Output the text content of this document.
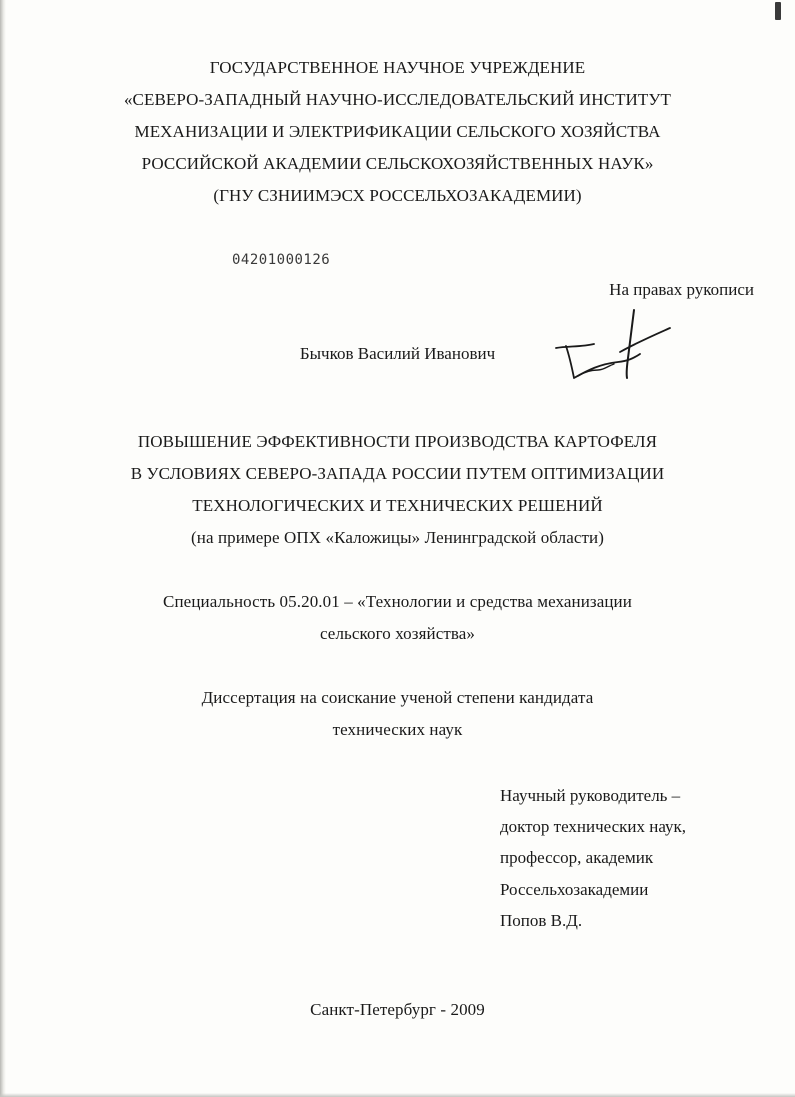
ГОСУДАРСТВЕННОЕ НАУЧНОЕ УЧРЕЖДЕНИЕ
«СЕВЕРО-ЗАПАДНЫЙ НАУЧНО-ИССЛЕДОВАТЕЛЬСКИЙ ИНСТИТУТ
МЕХАНИЗАЦИИ И ЭЛЕКТРИФИКАЦИИ СЕЛЬСКОГО ХОЗЯЙСТВА
РОССИЙСКОЙ АКАДЕМИИ СЕЛЬСКОХОЗЯЙСТВЕННЫХ НАУК»
(ГНУ СЗНИИМЭСХ РОССЕЛЬХОЗАКАДЕМИИ)
04201000126
На правах рукописи
Бычков Василий Иванович
ПОВЫШЕНИЕ ЭФФЕКТИВНОСТИ ПРОИЗВОДСТВА КАРТОФЕЛЯ
В УСЛОВИЯХ СЕВЕРО-ЗАПАДА РОССИИ ПУТЕМ ОПТИМИЗАЦИИ
ТЕХНОЛОГИЧЕСКИХ И ТЕХНИЧЕСКИХ РЕШЕНИЙ
(на примере ОПХ «Каложицы» Ленинградской области)
Специальность 05.20.01 – «Технологии и средства механизации
сельского хозяйства»
Диссертация на соискание ученой степени кандидата
технических наук
Научный руководитель –
доктор технических наук,
профессор, академик
Россельхозакадемии
Попов В.Д.
Санкт-Петербург - 2009
